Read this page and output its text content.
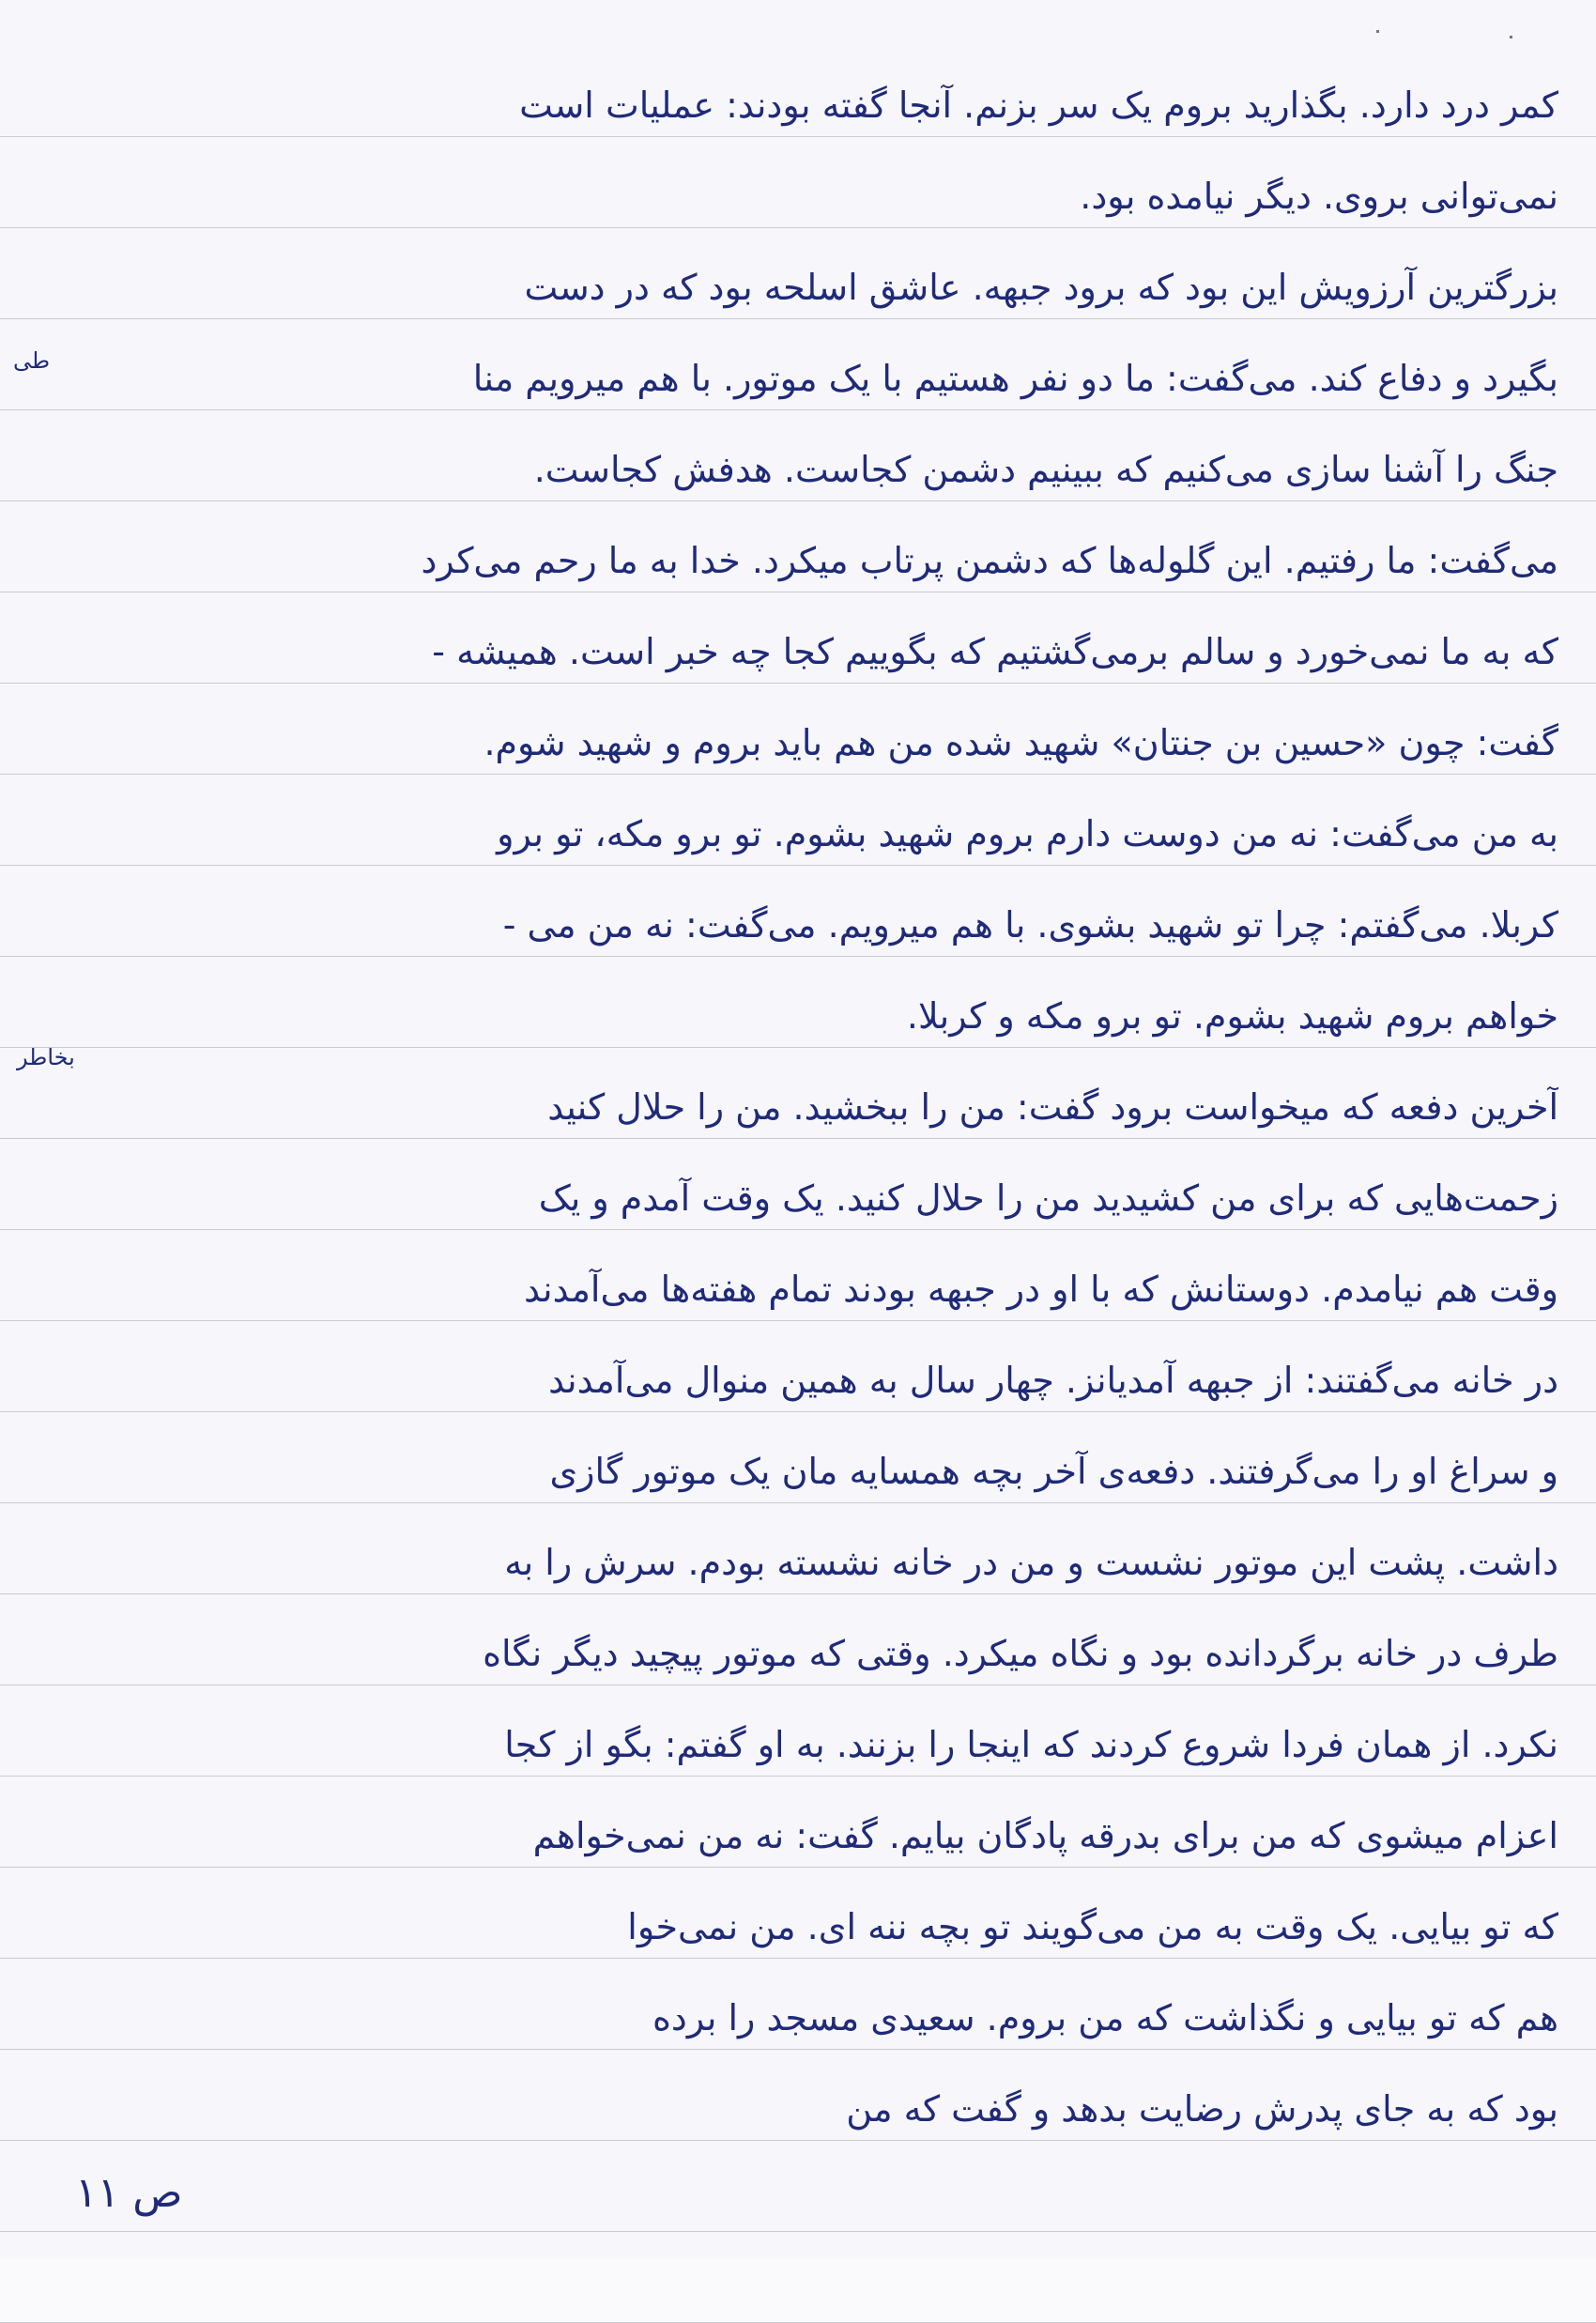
کمر درد دارد. بگذارید بروم یک سر بزنم. آنجا گفته بودند: عملیات است
نمی‌توانی بروی. دیگر نیامده بود.
بزرگترین آرزویش این بود که برود جبهه. عاشق اسلحه بود که در دست
بگیرد و دفاع کند. می‌گفت: ما دو نفر هستیم با یک موتور. با هم میرویم منا
جنگ را آشنا سازی می‌کنیم که ببینیم دشمن کجاست. هدفش کجاست.
می‌گفت: ما رفتیم. این گلوله‌ها که دشمن پرتاب میکرد. خدا به ما رحم می‌کرد
که به ما نمی‌خورد و سالم برمی‌گشتیم که بگوییم کجا چه خبر است. همیشه -
گفت: چون «حسین بن جنتان» شهید شده من هم باید بروم و شهید شوم.
به من می‌گفت: نه من دوست دارم بروم شهید بشوم. تو برو مکه، تو برو
کربلا. می‌گفتم: چرا تو شهید بشوی. با هم میرویم. می‌گفت: نه من می -
خواهم بروم شهید بشوم. تو برو مکه و کربلا.
آخرین دفعه که میخواست برود گفت: من را ببخشید. من را حلال کنید
زحمت‌هایی که برای من کشیدید من را حلال کنید. یک وقت آمدم و یک
وقت هم نیامدم. دوستانش که با او در جبهه بودند تمام هفته‌ها می‌آمدند
در خانه می‌گفتند: از جبهه آمدیانز. چهار سال به همین منوال می‌آمدند
و سراغ او را می‌گرفتند. دفعه‌ی آخر بچه همسایه مان یک موتور گازی
داشت. پشت این موتور نشست و من در خانه نشسته بودم. سرش را به
طرف در خانه برگردانده بود و نگاه میکرد. وقتی که موتور پیچید دیگر نگاه
نکرد. از همان فردا شروع کردند که اینجا را بزنند. به او گفتم: بگو از کجا
اعزام میشوی که من برای بدرقه پادگان بیایم. گفت: نه من نمی‌خواهم
که تو بیایی. یک وقت به من می‌گویند تو بچه ننه ای. من نمی‌خوا
هم که تو بیایی و نگذاشت که من بروم. سعیدی مسجد را برده
بود که به جای پدرش رضایت بدهد و گفت که من
طی
بخاطر
ص ۱۱
